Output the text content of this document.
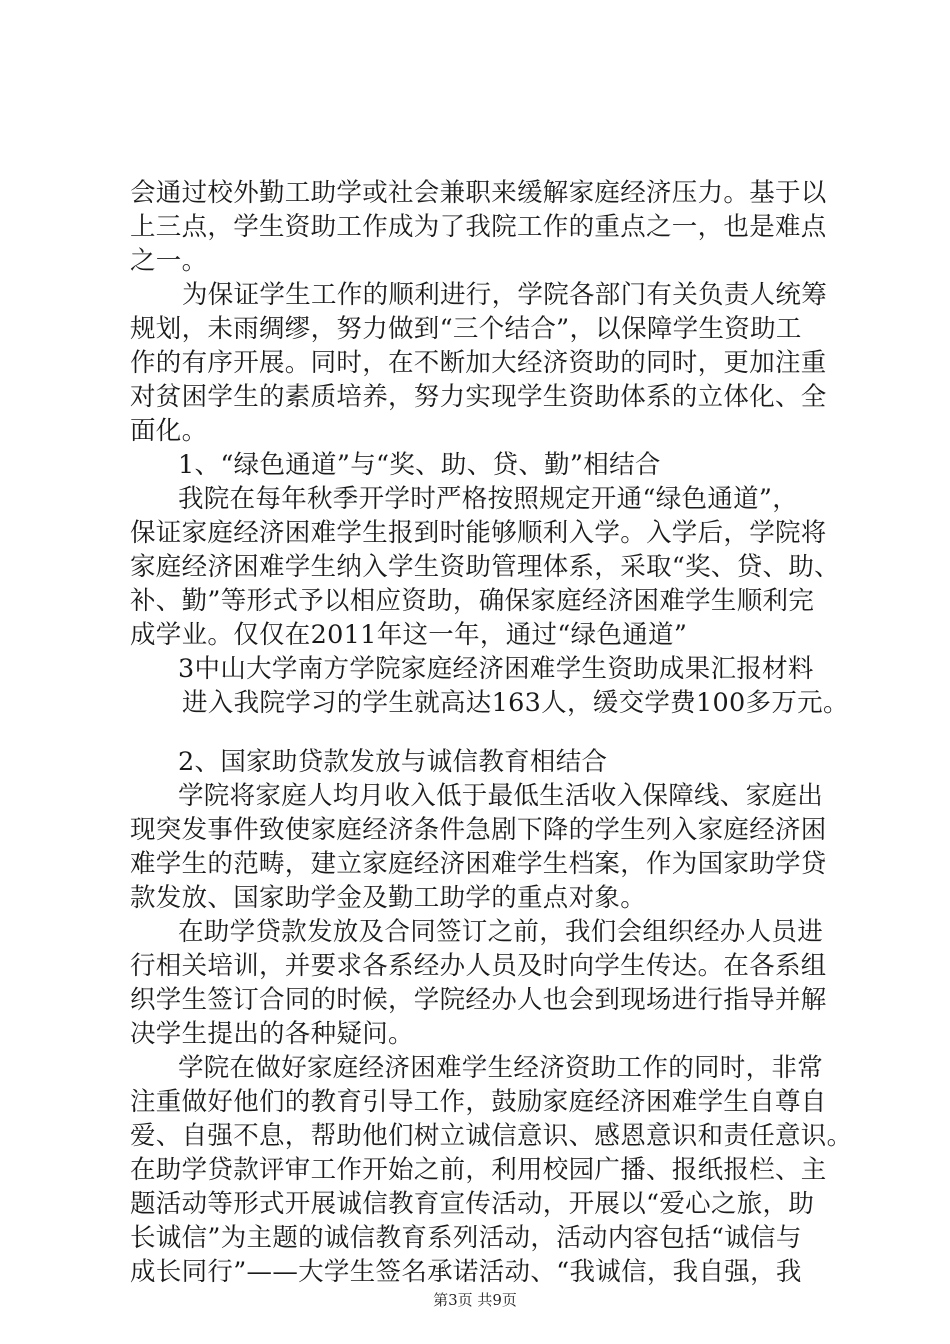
会通过校外勤工助学或社会兼职来缓解家庭经济压力。基于以
上三点，学生资助工作成为了我院工作的重点之一，也是难点
之一。
为保证学生工作的顺利进行，学院各部门有关负责人统筹
规划，未雨绸缪，努力做到“三个结合”，以保障学生资助工
作的有序开展。同时，在不断加大经济资助的同时，更加注重
对贫困学生的素质培养，努力实现学生资助体系的立体化、全
面化。
1、“绿色通道”与“奖、助、贷、勤”相结合
我院在每年秋季开学时严格按照规定开通“绿色通道”，
保证家庭经济困难学生报到时能够顺利入学。入学后，学院将
家庭经济困难学生纳入学生资助管理体系，采取“奖、贷、助、
补、勤”等形式予以相应资助，确保家庭经济困难学生顺利完
成学业。仅仅在2011年这一年，通过“绿色通道”
3中山大学南方学院家庭经济困难学生资助成果汇报材料
进入我院学习的学生就高达163人，缓交学费100多万元。
2、国家助贷款发放与诚信教育相结合
学院将家庭人均月收入低于最低生活收入保障线、家庭出
现突发事件致使家庭经济条件急剧下降的学生列入家庭经济困
难学生的范畴，建立家庭经济困难学生档案，作为国家助学贷
款发放、国家助学金及勤工助学的重点对象。
在助学贷款发放及合同签订之前，我们会组织经办人员进
行相关培训，并要求各系经办人员及时向学生传达。在各系组
织学生签订合同的时候，学院经办人也会到现场进行指导并解
决学生提出的各种疑问。
学院在做好家庭经济困难学生经济资助工作的同时，非常
注重做好他们的教育引导工作，鼓励家庭经济困难学生自尊自
爱、自强不息，帮助他们树立诚信意识、感恩意识和责任意识。
在助学贷款评审工作开始之前，利用校园广播、报纸报栏、主
题活动等形式开展诚信教育宣传活动，开展以“爱心之旅，助
长诚信”为主题的诚信教育系列活动，活动内容包括“诚信与
成长同行”——大学生签名承诺活动、“我诚信，我自强，我
第3页 共9页
